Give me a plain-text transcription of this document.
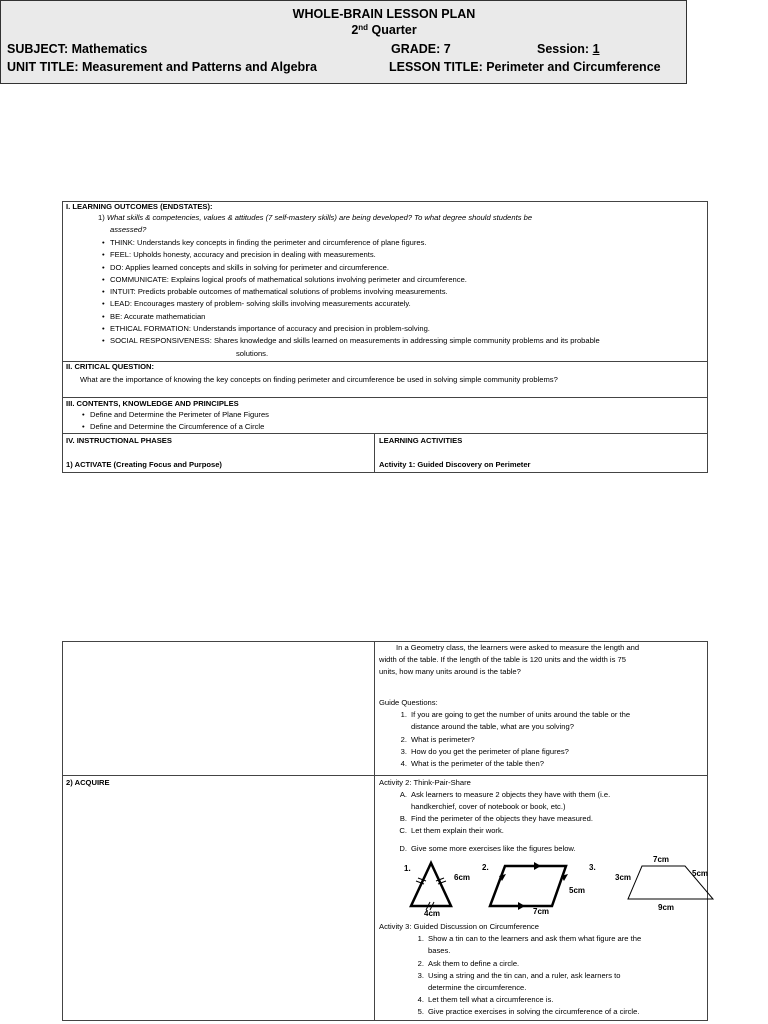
WHOLE-BRAIN LESSON PLAN
2nd Quarter
SUBJECT: Mathematics	GRADE: 7	Session: 1
UNIT TITLE: Measurement and Patterns and Algebra	LESSON TITLE: Perimeter and Circumference
I. LEARNING OUTCOMES (ENDSTATES):
1) What skills & competencies, values & attitudes (7 self-mastery skills) are being developed? To what degree should students be
assessed?
• THINK: Understands key concepts in finding the perimeter and circumference of plane figures.
• FEEL: Upholds honesty, accuracy and precision in dealing with measurements.
• DO: Applies learned concepts and skills in solving for perimeter and circumference.
• COMMUNICATE: Explains logical proofs of mathematical solutions involving perimeter and circumference.
• INTUIT: Predicts probable outcomes of mathematical solutions of problems involving measurements.
• LEAD: Encourages mastery of problem- solving skills involving measurements accurately.
• BE: Accurate mathematician
• ETHICAL FORMATION: Understands importance of accuracy and precision in problem-solving.
• SOCIAL RESPONSIVENESS: Shares knowledge and skills learned on measurements in addressing simple community problems and its probable
solutions.
II. CRITICAL QUESTION:
What are the importance of knowing the key concepts on finding perimeter and circumference be used in solving simple community problems?
III. CONTENTS, KNOWLEDGE AND PRINCIPLES
• Define and Determine the Perimeter of Plane Figures
• Define and Determine the Circumference of a Circle
IV. INSTRUCTIONAL PHASES	LEARNING ACTIVITIES
1) ACTIVATE (Creating Focus and Purpose)	Activity 1: Guided Discovery on Perimeter
In a Geometry class, the learners were asked to measure the length and
width of the table. If the length of the table is 120 units and the width is 75
units, how many units around is the table?
Guide Questions:
1. If you are going to get the number of units around the table or the
distance around the table, what are you solving?
2. What is perimeter?
3. How do you get the perimeter of plane figures?
4. What is the perimeter of the table then?
2) ACQUIRE	Activity 2: Think-Pair-Share
A. Ask learners to measure 2 objects they have with them (i.e.
handkerchief, cover of notebook or book, etc.)
B. Find the perimeter of the objects they have measured.
C. Let them explain their work.
D. Give some more exercises like the figures below.
1.
6cm
4cm
2.
5cm
7cm
3.
7cm
3cm	5cm
9cm
Activity 3: Guided Discussion on Circumference
1. Show a tin can to the learners and ask them what figure are the
bases.
2. Ask them to define a circle.
3. Using a string and the tin can, and a ruler, ask learners to
determine the circumference.
4. Let them tell what a circumference is.
5. Give practice exercises in solving the circumference of a circle.
